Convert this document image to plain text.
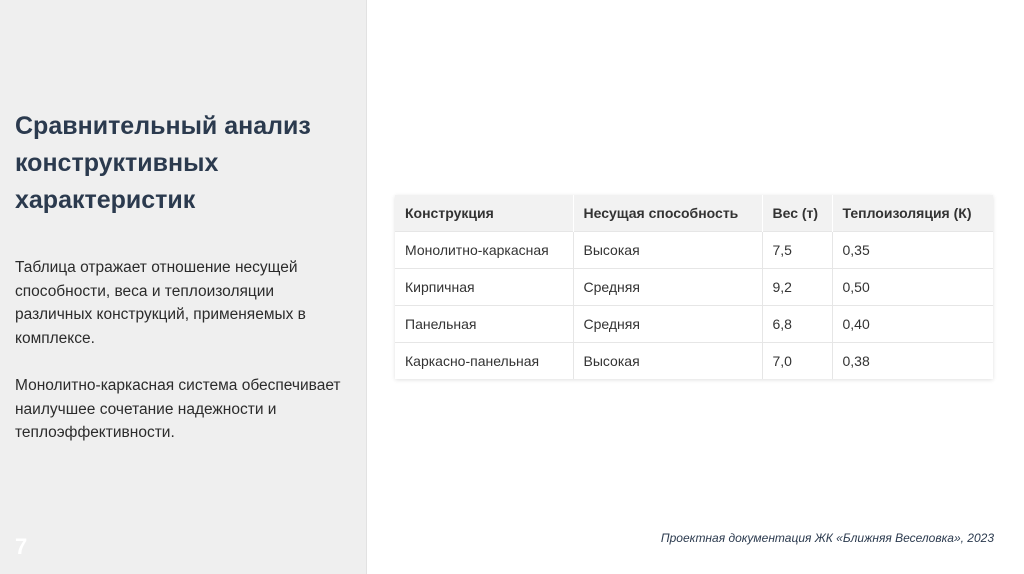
Сравнительный анализ
конструктивных
характеристик

Таблица отражает отношение несущей способности, веса и теплоизоляции различных конструкций, применяемых в комплексе.

Монолитно-каркасная система обеспечивает наилучшее сочетание надежности и теплоэффективности.

7
Конструкция	Несущая способность	Вес (т)	Теплоизоляция (К)
Монолитно-каркасная	Высокая	7,5	0,35
Кирпичная	Средняя	9,2	0,50
Панельная	Средняя	6,8	0,40
Каркасно-панельная	Высокая	7,0	0,38
Проектная документация ЖК «Ближняя Веселовка», 2023
